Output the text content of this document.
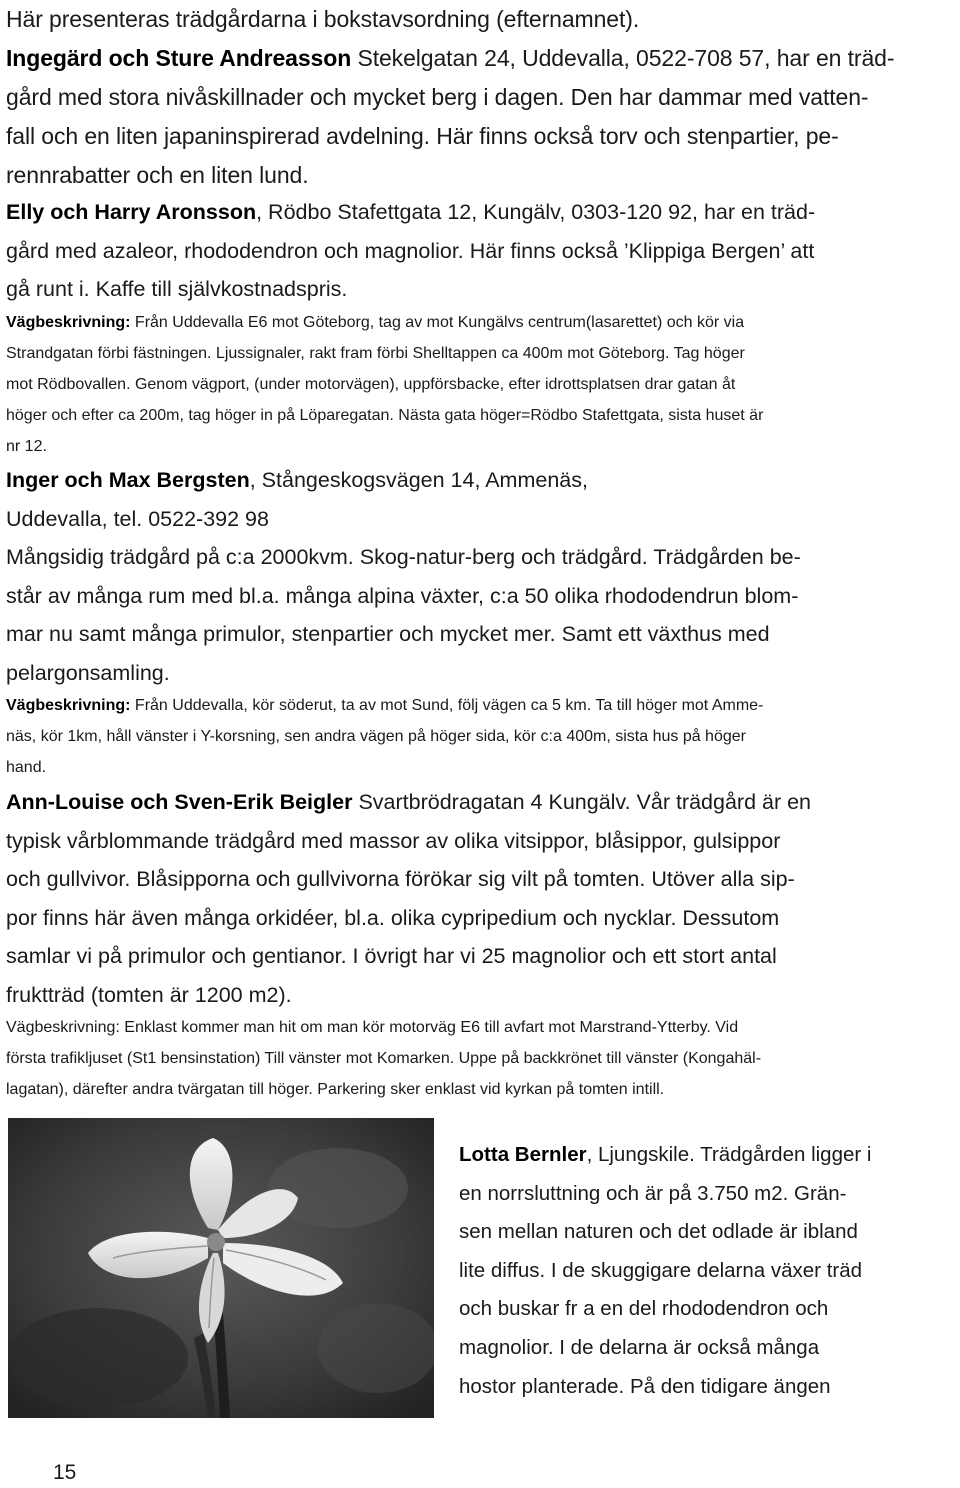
Här presenteras trädgårdarna i bokstavsordning (efternamnet).
Ingegärd och Sture Andreasson Stekelgatan 24, Uddevalla, 0522-708 57, har en träd-
gård med stora nivåskillnader och mycket berg i dagen. Den har dammar med vatten-
fall och en liten japaninspirerad avdelning. Här finns också torv och stenpartier, pe-
rennrabatter och en liten lund.
Elly och Harry Aronsson, Rödbo Stafettgata 12, Kungälv, 0303-120 92, har en träd-
gård med azaleor, rhododendron och magnolior. Här finns också ’Klippiga Bergen’ att
gå runt i. Kaffe till självkostnadspris.
Vägbeskrivning: Från Uddevalla E6 mot Göteborg, tag av mot Kungälvs centrum(lasarettet) och kör via
Strandgatan förbi fästningen. Ljussignaler, rakt fram förbi Shelltappen ca 400m mot Göteborg. Tag höger
mot Rödbovallen. Genom vägport, (under motorvägen), uppförsbacke, efter idrottsplatsen drar gatan åt
höger och efter ca 200m, tag höger in på Löparegatan. Nästa gata höger=Rödbo Stafettgata, sista huset är
nr 12.
Inger och Max Bergsten, Stångeskogsvägen 14, Ammenäs,
Uddevalla, tel. 0522-392 98
Mångsidig trädgård på c:a 2000kvm. Skog-natur-berg och trädgård. Trädgården be-
står av många rum med bl.a. många alpina växter, c:a 50 olika rhododendrun blom-
mar nu samt många primulor, stenpartier och mycket mer. Samt ett växthus med
pelargonsamling.
Vägbeskrivning: Från Uddevalla, kör söderut, ta av mot Sund, följ vägen ca 5 km. Ta till höger mot Amme-
näs, kör 1km, håll vänster i Y-korsning, sen andra vägen på höger sida, kör c:a 400m, sista hus på höger
hand.
Ann-Louise och Sven-Erik Beigler Svartbrödragatan 4 Kungälv. Vår trädgård är en
typisk vårblommande trädgård med massor av olika vitsippor, blåsippor, gulsippor
och gullvivor. Blåsipporna och gullvivorna förökar sig vilt på tomten. Utöver alla sip-
por finns här även många orkidéer, bl.a. olika cypripedium och nycklar. Dessutom
samlar vi på primulor och gentianor. I övrigt har vi 25 magnolior och ett stort antal
fruktträd (tomten är 1200 m2).
Vägbeskrivning: Enklast kommer man hit om man kör motorväg E6 till avfart mot Marstrand-Ytterby. Vid
första trafikljuset (St1 bensinstation) Till vänster mot Komarken. Uppe på backkrönet till vänster (Kongahäl-
lagatan), därefter andra tvärgatan till höger. Parkering sker enklast vid kyrkan på tomten intill.
Lotta Bernler, Ljungskile. Trädgården ligger i
en norrsluttning och är på 3.750 m2. Grän-
sen mellan naturen och det odlade är ibland
lite diffus. I de skuggigare delarna växer träd
och buskar fr a en del rhododendron och
magnolior. I de delarna är också många
hostor planterade. På den tidigare ängen
15
